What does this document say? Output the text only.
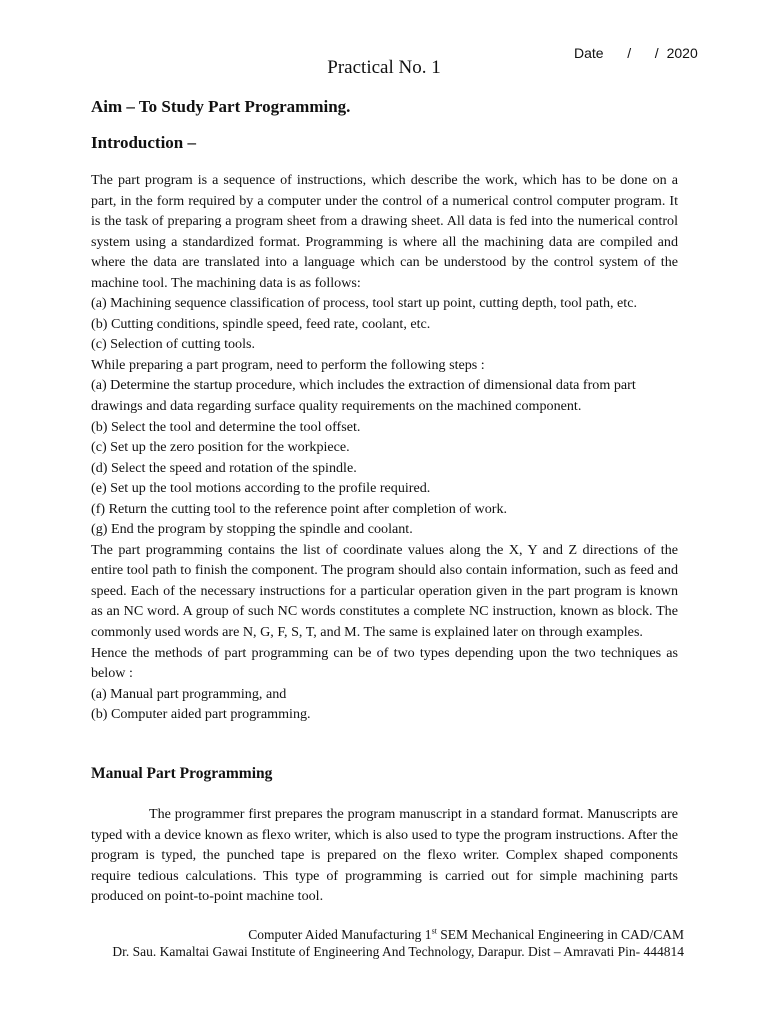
Date   /   / 2020
Practical No. 1
Aim – To Study Part Programming.
Introduction –

The part program is a sequence of instructions, which describe the work, which has to be done on a part, in the form required by a computer under the control of a numerical control computer program. It is the task of preparing a program sheet from a drawing sheet. All data is fed into the numerical control system using a standardized format. Programming is where all the machining data are compiled and where the data are translated into a language which can be understood by the control system of the machine tool. The machining data is as follows:

(a) Machining sequence classification of process, tool start up point, cutting depth, tool path, etc.

(b) Cutting conditions, spindle speed, feed rate, coolant, etc.

(c) Selection of cutting tools.

While preparing a part program, need to perform the following steps :

(a) Determine the startup procedure, which includes the extraction of dimensional data from part drawings and data regarding surface quality requirements on the machined component.

(b) Select the tool and determine the tool offset.

(c) Set up the zero position for the workpiece.

(d) Select the speed and rotation of the spindle.

(e) Set up the tool motions according to the profile required.

(f) Return the cutting tool to the reference point after completion of work.

(g) End the program by stopping the spindle and coolant.

The part programming contains the list of coordinate values along the X, Y and Z directions of the entire tool path to finish the component. The program should also contain information, such as feed and speed. Each of the necessary instructions for a particular operation given in the part program is known as an NC word. A group of such NC words constitutes a complete NC instruction, known as block. The commonly used words are N, G, F, S, T, and M. The same is explained later on through examples.

Hence the methods of part programming can be of two types depending upon the two techniques as below :

(a) Manual part programming, and

(b) Computer aided part programming.

Manual Part Programming

The programmer first prepares the program manuscript in a standard format. Manuscripts are typed with a device known as flexo writer, which is also used to type the program instructions. After the program is typed, the punched tape is prepared on the flexo writer. Complex shaped components require tedious calculations. This type of programming is carried out for simple machining parts produced on point-to-point machine tool.

Computer Aided Manufacturing 1st SEM Mechanical Engineering in CAD/CAM
Dr. Sau. Kamaltai Gawai Institute of Engineering And Technology, Darapur. Dist – Amravati Pin- 444814
